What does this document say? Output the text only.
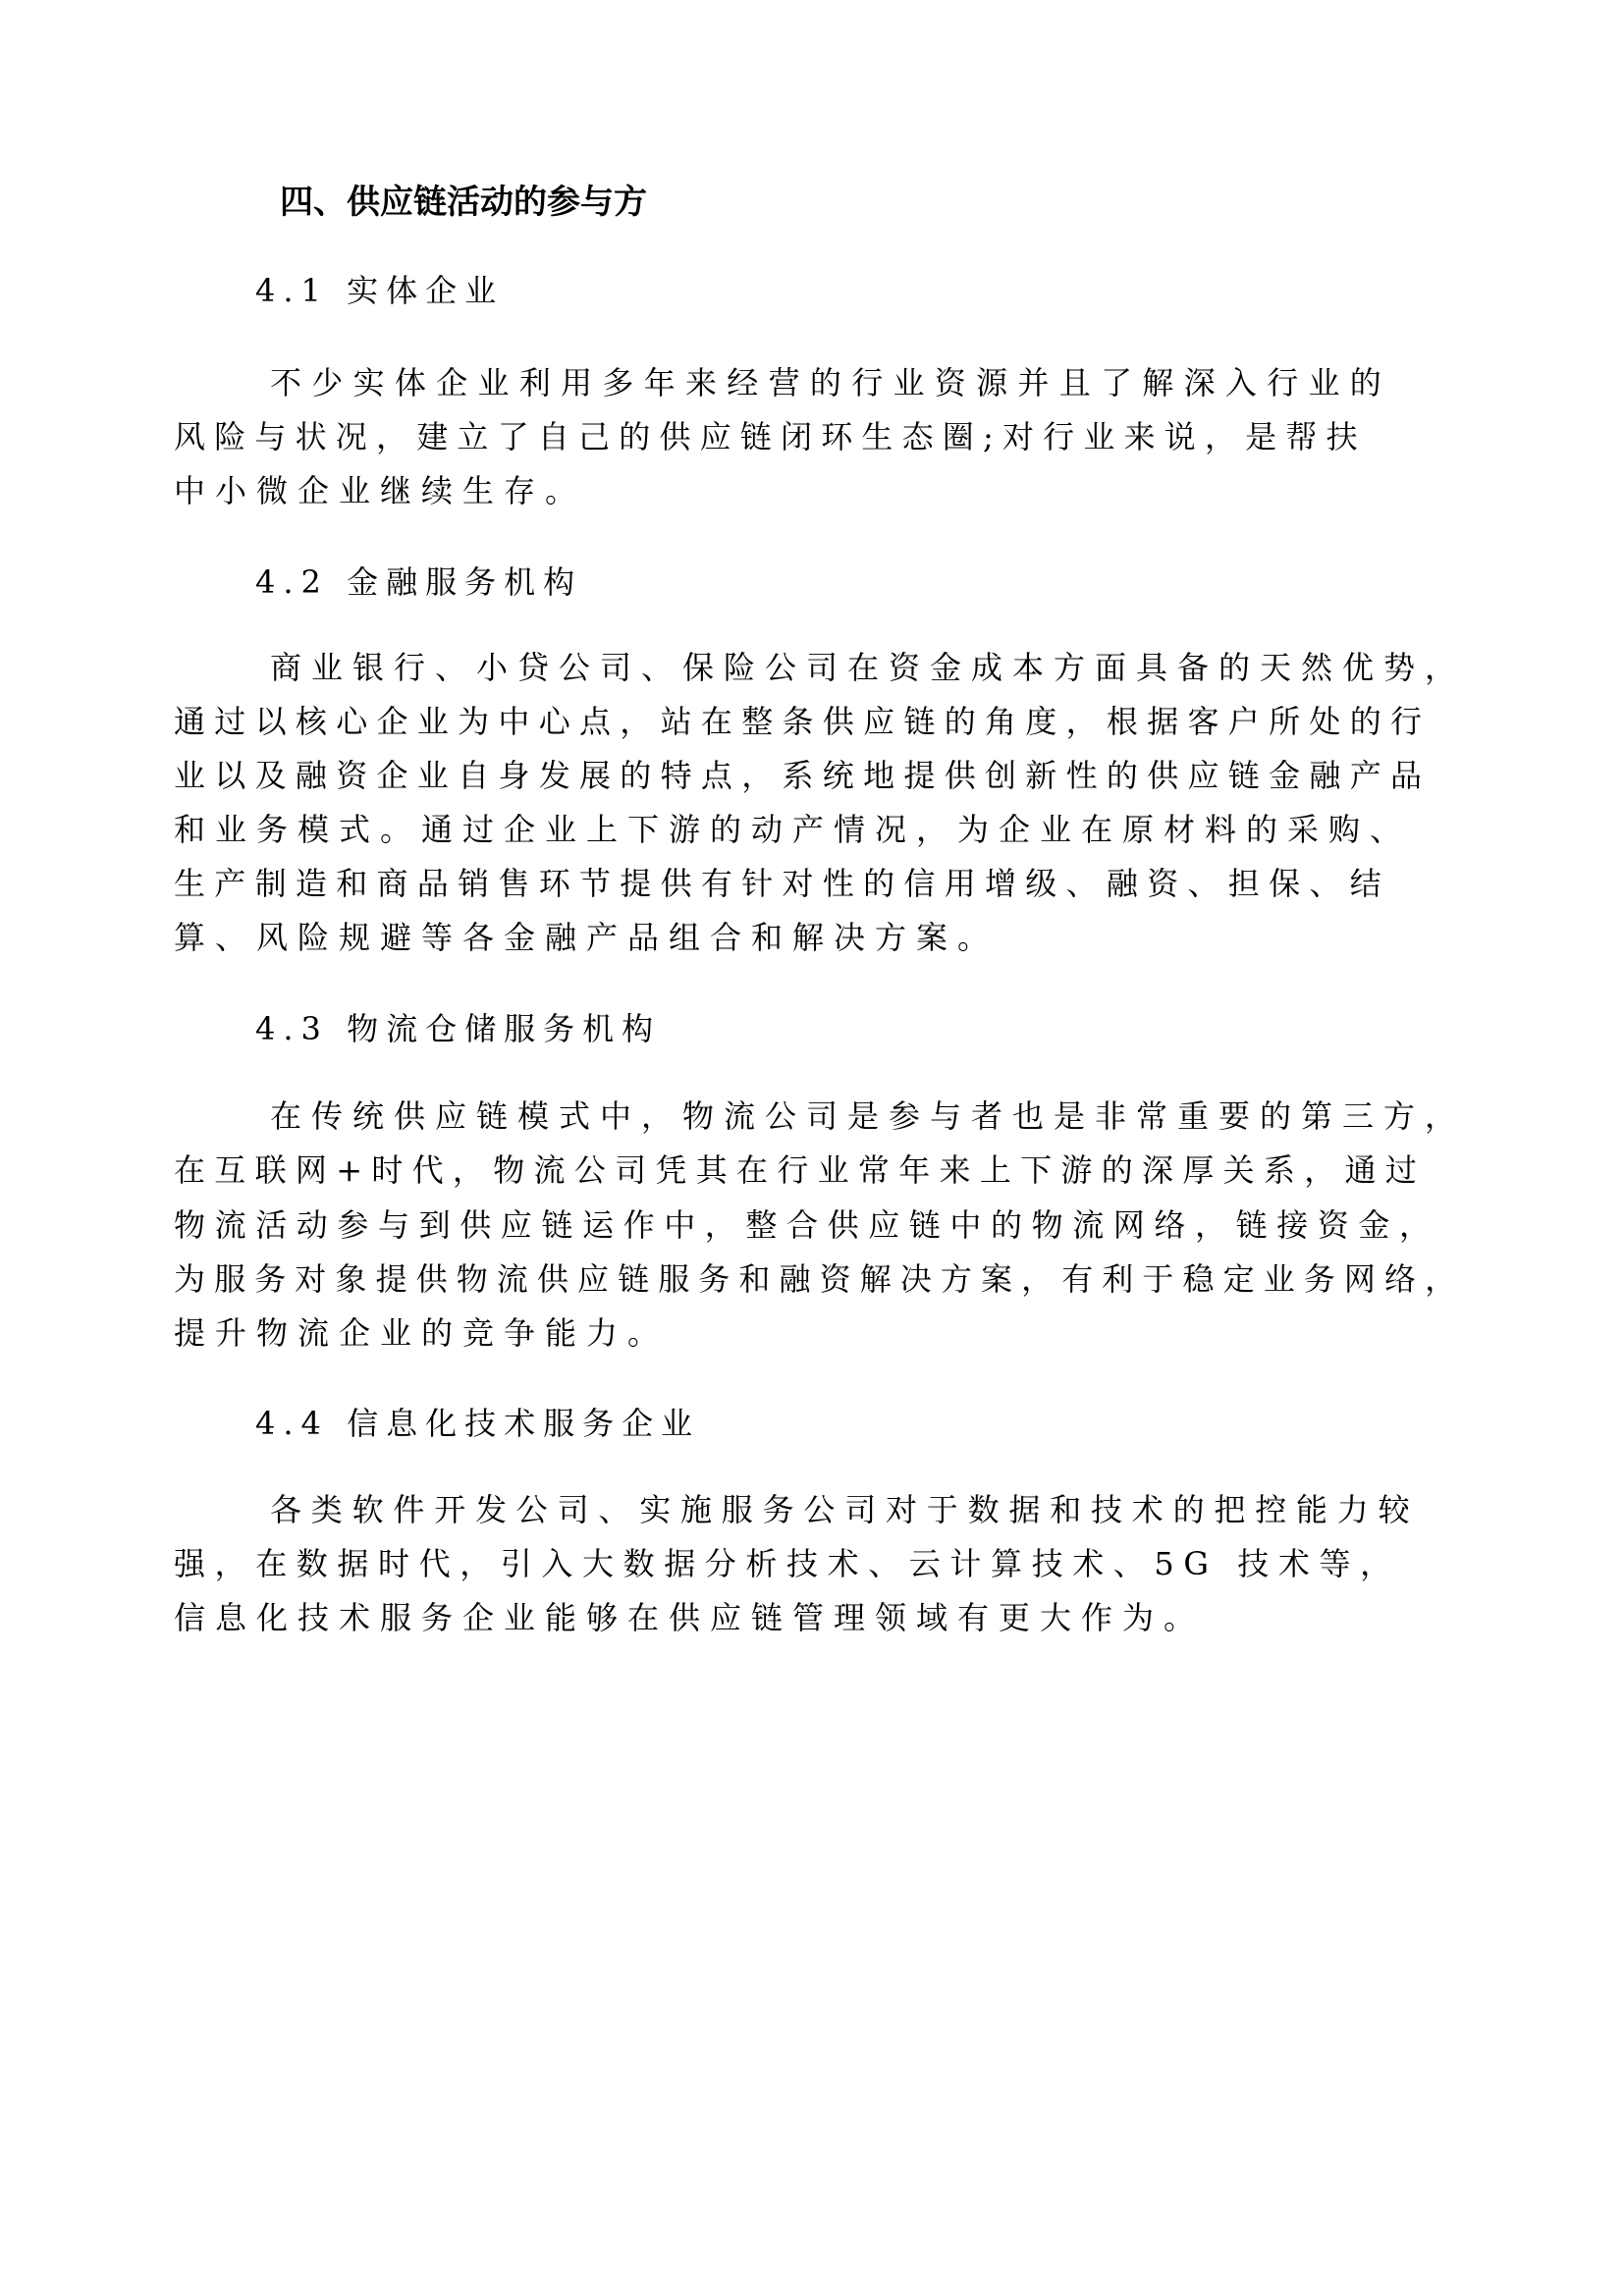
四、供应链活动的参与方
4.1 实体企业
不少实体企业利用多年来经营的行业资源并且了解深入行业的
风险与状况，建立了自己的供应链闭环生态圈;对行业来说，是帮扶
中小微企业继续生存。
4.2 金融服务机构
商业银行、小贷公司、保险公司在资金成本方面具备的天然优势，
通过以核心企业为中心点，站在整条供应链的角度，根据客户所处的行
业以及融资企业自身发展的特点，系统地提供创新性的供应链金融产品
和业务模式。通过企业上下游的动产情况，为企业在原材料的采购、
生产制造和商品销售环节提供有针对性的信用增级、融资、担保、结
算、风险规避等各金融产品组合和解决方案。
4.3 物流仓储服务机构
在传统供应链模式中，物流公司是参与者也是非常重要的第三方，
在互联网+时代，物流公司凭其在行业常年来上下游的深厚关系，通过
物流活动参与到供应链运作中，整合供应链中的物流网络，链接资金，
为服务对象提供物流供应链服务和融资解决方案，有利于稳定业务网络，
提升物流企业的竞争能力。
4.4 信息化技术服务企业
各类软件开发公司、实施服务公司对于数据和技术的把控能力较
强，在数据时代，引入大数据分析技术、云计算技术、5G 技术等，
信息化技术服务企业能够在供应链管理领域有更大作为。
